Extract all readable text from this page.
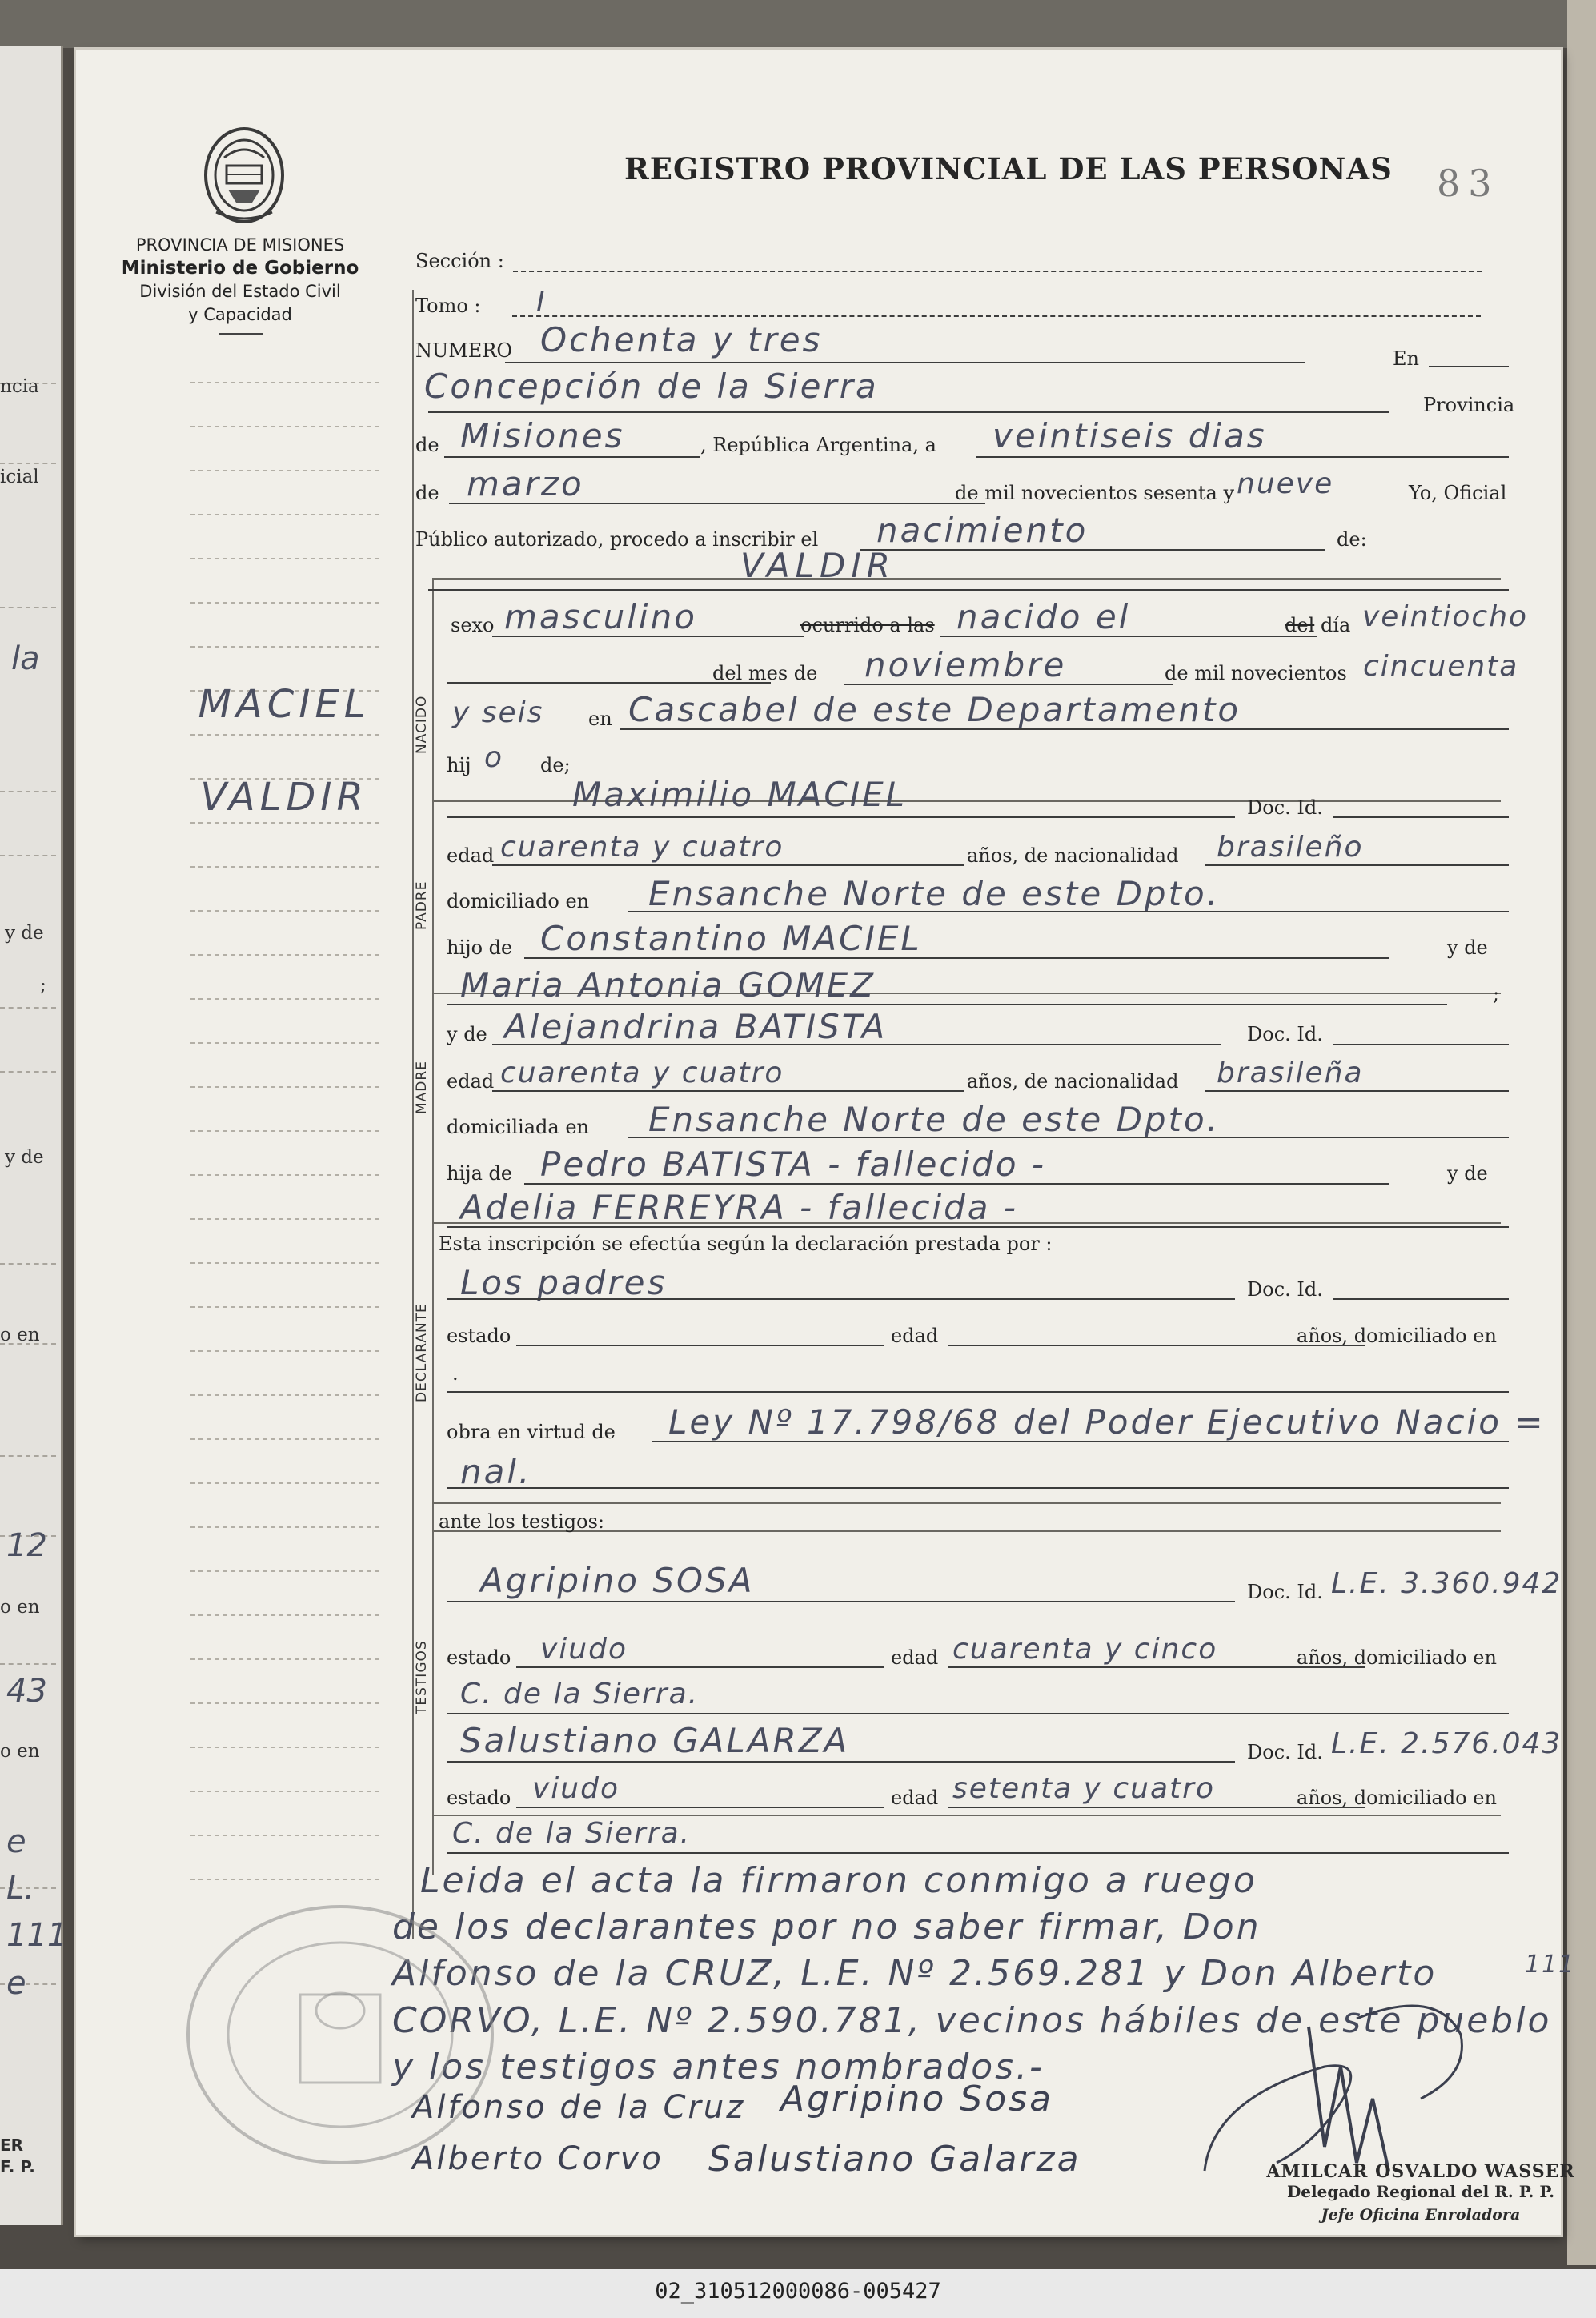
ncia
icial
y de
;
y de
o en
o en
o en
ER
F. P.
la
12
43
e
L.
111
e
PROVINCIA DE MISIONES
Ministerio de Gobierno
División del Estado Civil
y Capacidad
MACIEL
VALDIR
NACIDO
PADRE
MADRE
DECLARANTE
TESTIGOS
REGISTRO PROVINCIAL DE LAS PERSONAS 83
Sección :
Tomo : I
NUMERO Ochenta y tres	En
Concepción de la Sierra	Provincia
de Misiones	, República Argentina, a veintiseis dias
de marzo	de mil novecientos sesenta y nueve	Yo, Oficial
Público autorizado, procedo a inscribir el nacimiento	de:
VALDIR
sexo masculino	ocurrido a las nacido el	del día veintiocho
del mes de noviembre	de mil novecientos cincuenta
y seis en Cascabel de este Departamento
hij o de;
Maximilio MACIEL	Doc. Id.
edad cuarenta y cuatro	años, de nacionalidad brasileño
domiciliado en Ensanche Norte de este Dpto.
hijo de Constantino MACIEL	y de
Maria Antonia GOMEZ	;
y de Alejandrina BATISTA	Doc. Id.
edad cuarenta y cuatro	años, de nacionalidad brasileña
domiciliada en Ensanche Norte de este Dpto.
hija de Pedro BATISTA - fallecido -	y de
Adelia FERREYRA - fallecida -
Esta inscripción se efectúa según la declaración prestada por :
Los padres	Doc. Id.
estado	edad	años, domiciliado en
.
obra en virtud de Ley Nº 17.798/68 del Poder Ejecutivo Nacio =
nal.
ante los testigos:
Agripino SOSA	Doc. Id. L.E. 3.360.942
estado viudo	edad cuarenta y cinco	años, domiciliado en
C. de la Sierra.
Salustiano GALARZA	Doc. Id. L.E. 2.576.043
estado viudo	edad setenta y cuatro	años, domiciliado en
C. de la Sierra.
Leida el acta la firmaron conmigo a ruego
de los declarantes por no saber firmar, Don
Alfonso de la CRUZ, L.E. Nº 2.569.281 y Don Alberto
CORVO, L.E. Nº 2.590.781, vecinos hábiles de este pueblo
y los testigos antes nombrados.-
111
Alfonso de la Cruz Agripino Sosa
Alberto Corvo Salustiano Galarza	AMILCAR OSVALDO WASSER
Delegado Regional del R. P. P.
Jefe Oficina Enroladora
02_310512000086-005427
